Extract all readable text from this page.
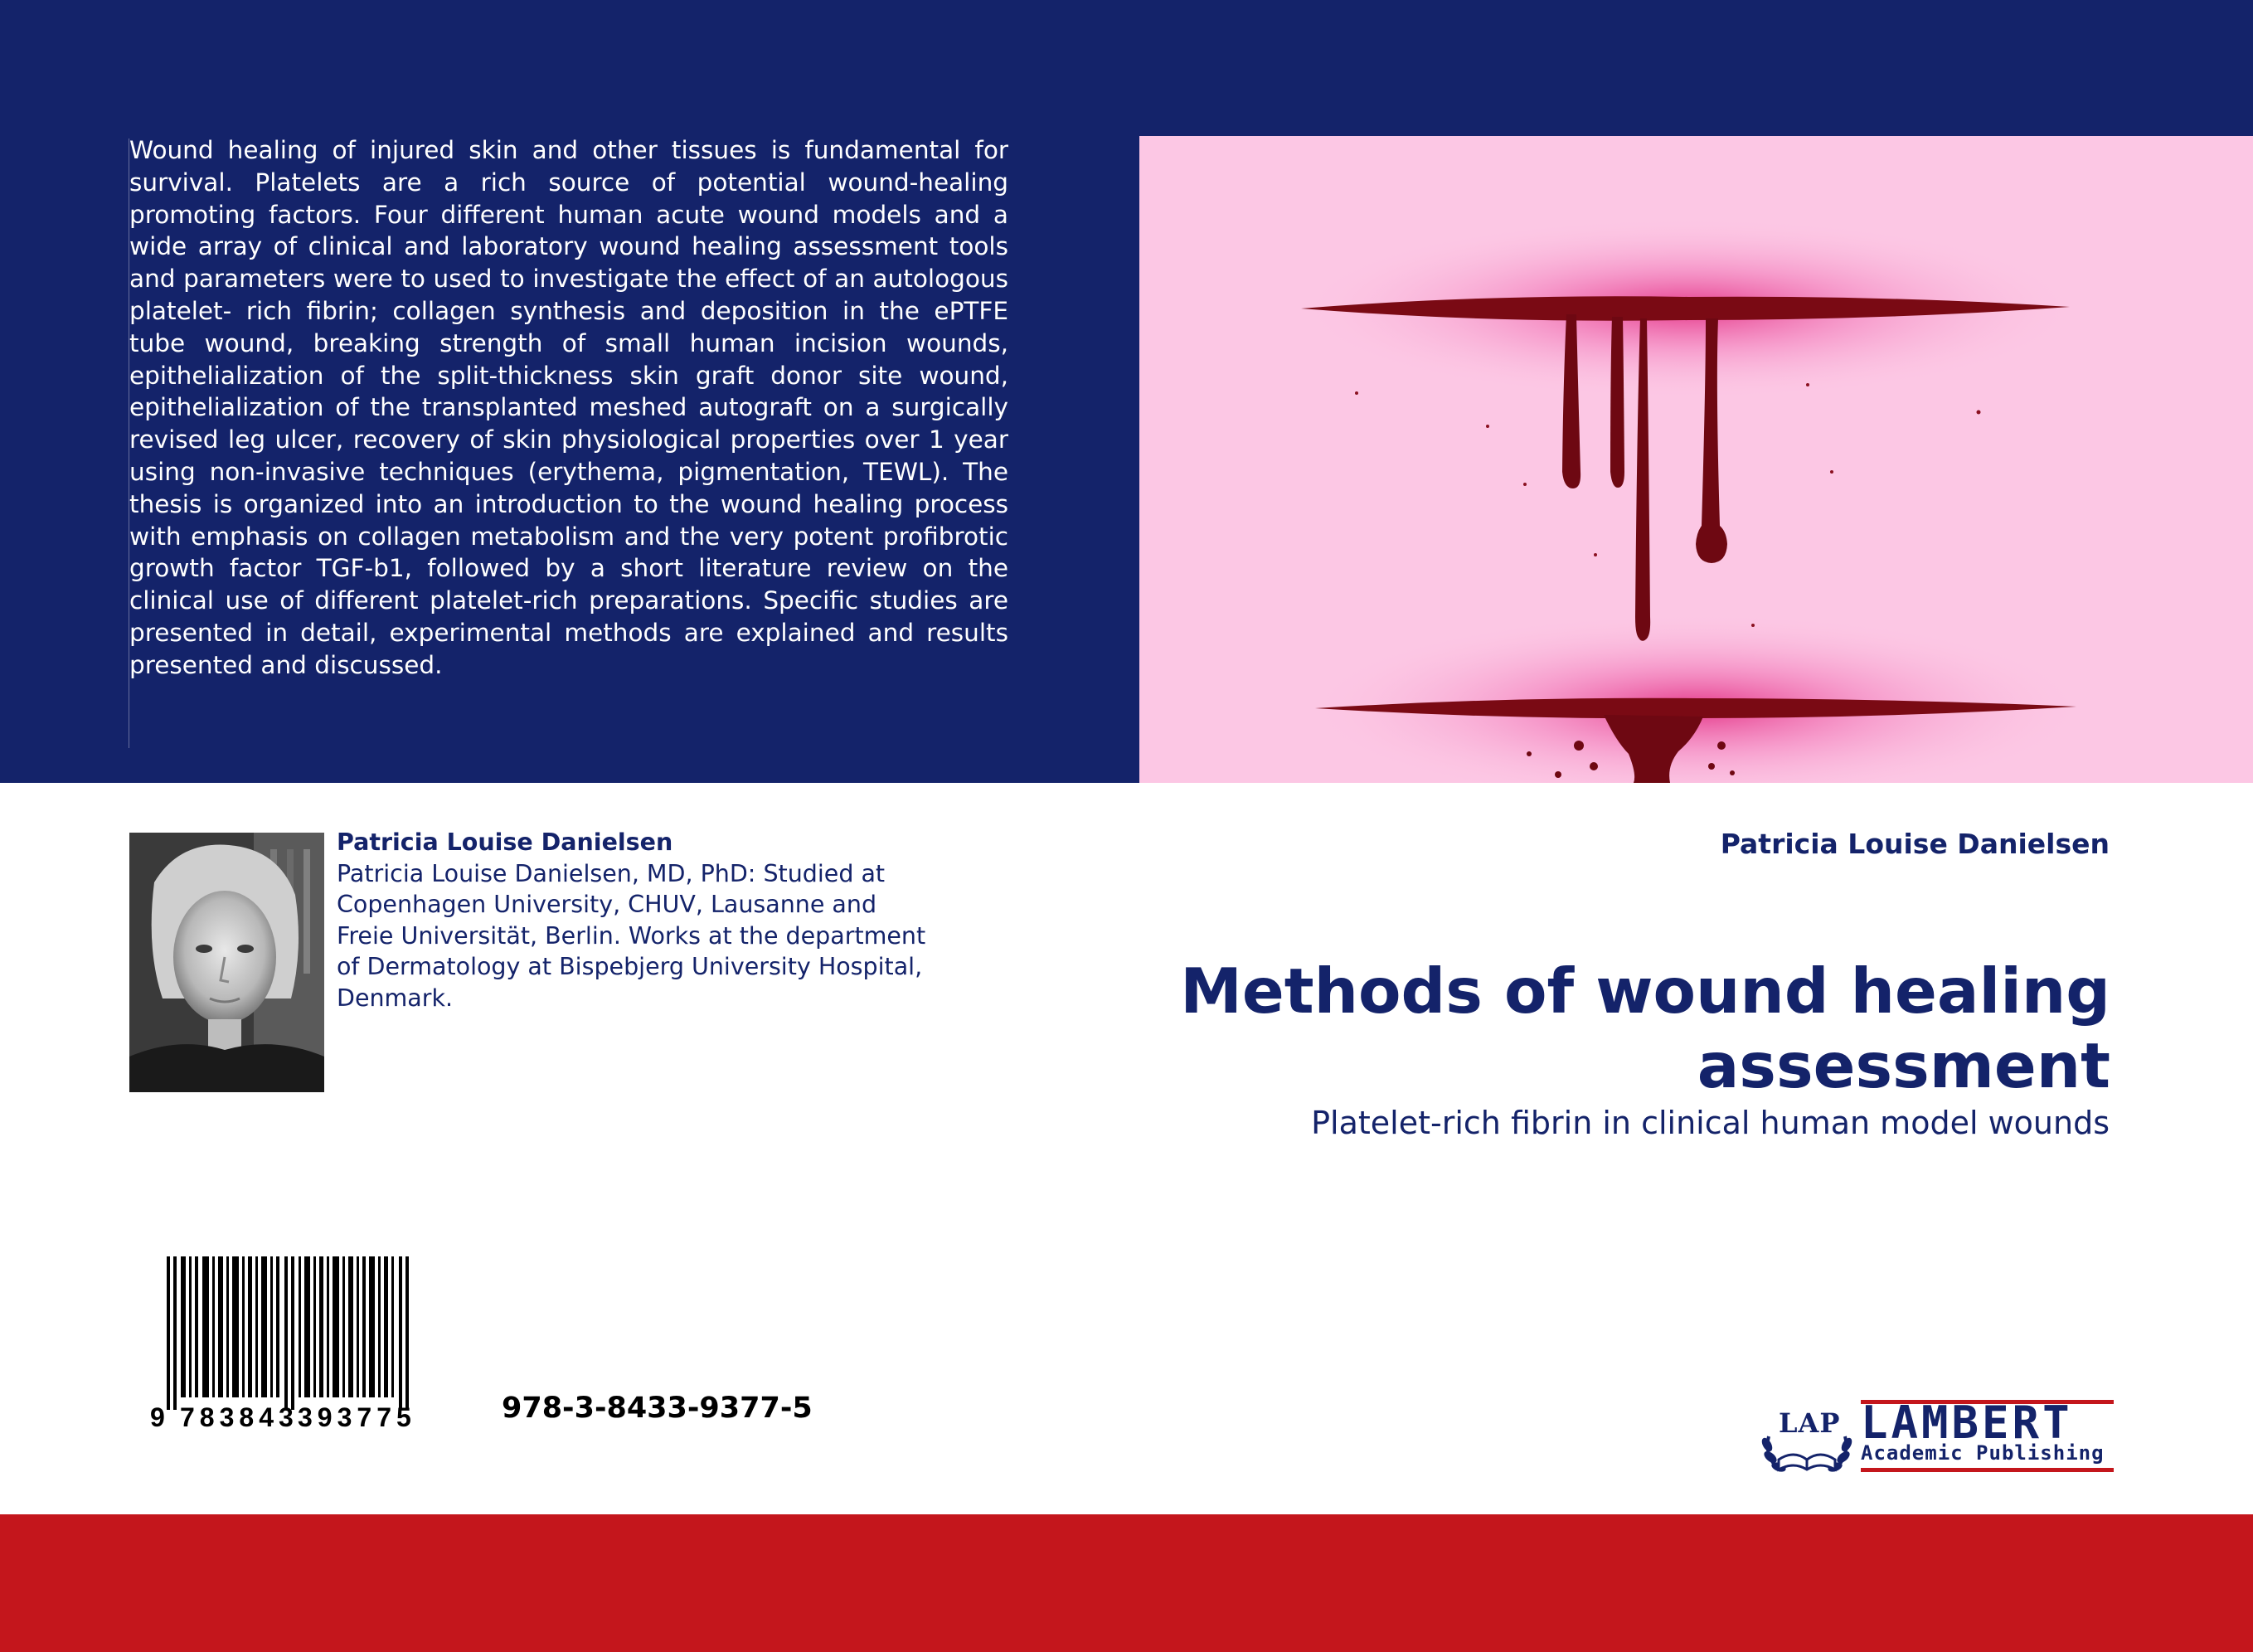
Wound healing of injured skin and other tissues is fundamental for survival. Platelets are a rich source of potential wound-healing promoting factors. Four different human acute wound models and a wide array of clinical and laboratory wound healing assessment tools and parameters were to used to investigate the effect of an autologous platelet- rich fibrin; collagen synthesis and deposition in the ePTFE tube wound, breaking strength of small human incision wounds, epithelialization of the split-thickness skin graft donor site wound, epithelialization of the transplanted meshed autograft on a surgically revised leg ulcer, recovery of skin physiological properties over 1 year using non-invasive techniques (erythema, pigmentation, TEWL). The thesis is organized into an introduction to the wound healing process with emphasis on collagen metabolism and the very potent profibrotic growth factor TGF-b1, followed by a short literature review on the clinical use of different platelet-rich preparations. Specific studies are presented in detail, experimental methods are explained and results presented and discussed.

Patricia Louise Danielsen
Patricia Louise Danielsen, MD, PhD: Studied at Copenhagen University, CHUV, Lausanne and Freie Universität, Berlin. Works at the department of Dermatology at Bispebjerg University Hospital, Denmark.
Patricia Louise Danielsen
Methods of wound healing assessment
Platelet-rich fibrin in clinical human model wounds
9 783843 393775	978-3-8433-9377-5	LAP LAMBERT
Academic Publishing
